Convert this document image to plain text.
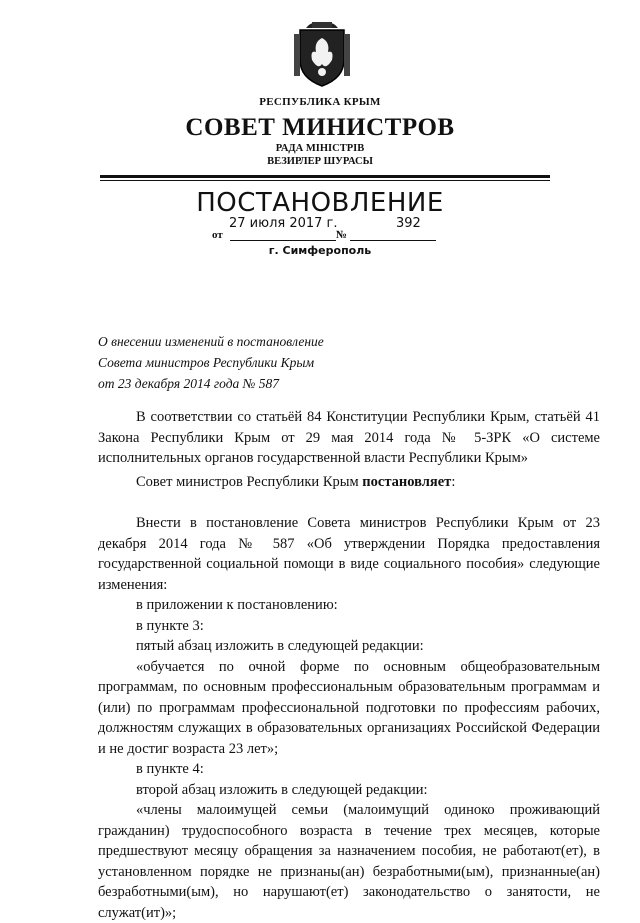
РЕСПУБЛИКА КРЫМ
СОВЕТ МИНИСТРОВ
РАДА МІНІСТРІВ
ВЕЗИРЛЕР ШУРАСЫ
ПОСТАНОВЛЕНИЕ
27 июля 2017 г.	392
от	№
г. Симферополь
О внесении изменений в постановление
Совета министров Республики Крым
от 23 декабря 2014 года № 587

В соответствии со статьёй 84 Конституции Республики Крым, статьёй 41 Закона Республики Крым от 29 мая 2014 года № 5-ЗРК «О системе исполнительных органов государственной власти Республики Крым»

Совет министров Республики Крым постановляет:

Внести в постановление Совета министров Республики Крым от 23 декабря 2014 года № 587 «Об утверждении Порядка предоставления государственной социальной помощи в виде социального пособия» следующие изменения:

в приложении к постановлению:

в пункте 3:

пятый абзац изложить в следующей редакции:

«обучается по очной форме по основным общеобразовательным программам, по основным профессиональным образовательным программам и (или) по программам профессиональной подготовки по профессиям рабочих, должностям служащих в образовательных организациях Российской Федерации и не достиг возраста 23 лет»;

в пункте 4:

второй абзац изложить в следующей редакции:

«члены малоимущей семьи (малоимущий одиноко проживающий гражданин) трудоспособного возраста в течение трех месяцев, которые предшествуют месяцу обращения за назначением пособия, не работают(ет), в установленном порядке не признаны(ан) безработными(ым), признанные(ан) безработными(ым), но нарушают(ет) законодательство о занятости, не служат(ит)»;
